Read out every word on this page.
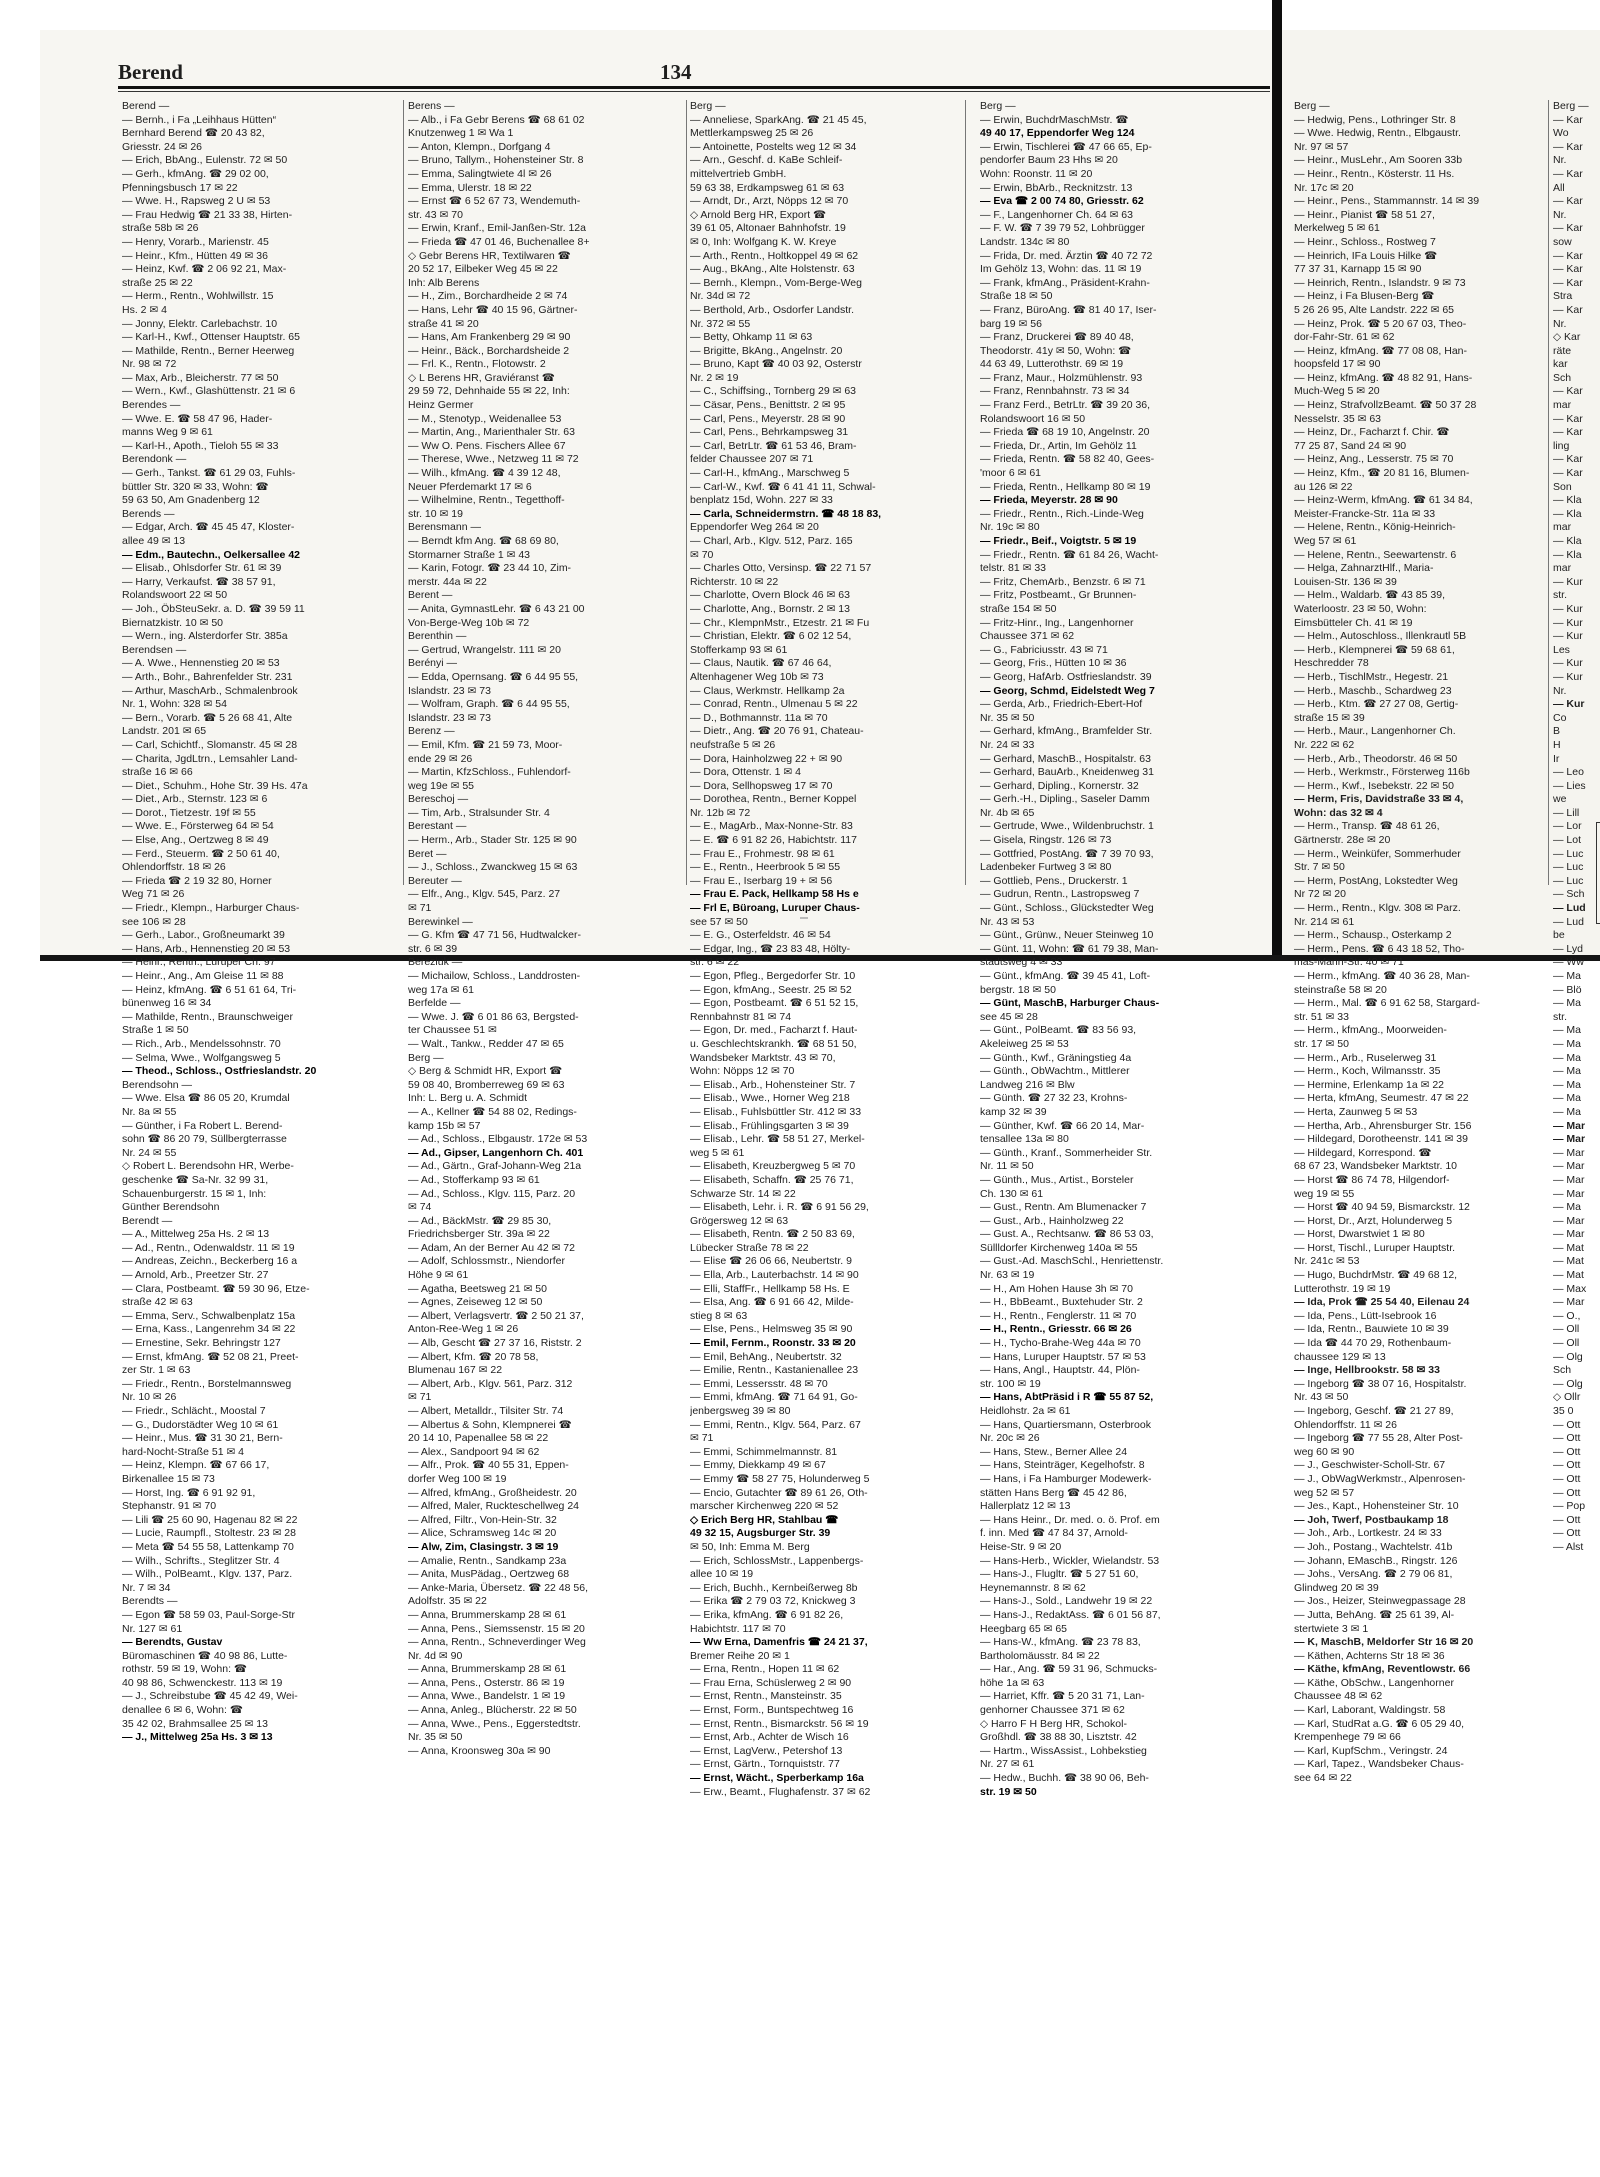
Berend	134
Berend —
— Bernh., i Fa „Leihhaus Hütten“
Bernhard Berend ☎ 20 43 82,
Griesstr. 24 ✉ 26
— Erich, BbAng., Eulenstr. 72 ✉ 50
— Gerh., kfmAng. ☎ 29 02 00,
Pfenningsbusch 17 ✉ 22
— Wwe. H., Rapsweg 2 U ✉ 53
— Frau Hedwig ☎ 21 33 38, Hirten-
straße 58b ✉ 26
— Henry, Vorarb., Marienstr. 45
— Heinr., Kfm., Hütten 49 ✉ 36
— Heinz, Kwf. ☎ 2 06 92 21, Max-
straße 25 ✉ 22
— Herm., Rentn., Wohlwillstr. 15
Hs. 2 ✉ 4
— Jonny, Elektr. Carlebachstr. 10
— Karl-H., Kwf., Ottenser Hauptstr. 65
— Mathilde, Rentn., Berner Heerweg
Nr. 98 ✉ 72
— Max, Arb., Bleicherstr. 77 ✉ 50
— Wern., Kwf., Glashüttenstr. 21 ✉ 6
Berendes —
— Wwe. E. ☎ 58 47 96, Hader-
manns Weg 9 ✉ 61
— Karl-H., Apoth., Tieloh 55 ✉ 33
Berendonk —
— Gerh., Tankst. ☎ 61 29 03, Fuhls-
büttler Str. 320 ✉ 33, Wohn: ☎
59 63 50, Am Gnadenberg 12
Berends —
— Edgar, Arch. ☎ 45 45 47, Kloster-
allee 49 ✉ 13
— Edm., Bautechn., Oelkersallee 42
— Elisab., Ohlsdorfer Str. 61 ✉ 39
— Harry, Verkaufst. ☎ 38 57 91,
Rolandswoort 22 ✉ 50
— Joh., ÖbSteuSekr. a. D. ☎ 39 59 11
Biernatzkistr. 10 ✉ 50
— Wern., ing. Alsterdorfer Str. 385a
Berendsen —
— A. Wwe., Hennenstieg 20 ✉ 53
— Arth., Bohr., Bahrenfelder Str. 231
— Arthur, MaschArb., Schmalenbrook
Nr. 1, Wohn: 328 ✉ 54
— Bern., Vorarb. ☎ 5 26 68 41, Alte
Landstr. 201 ✉ 65
— Carl, Schichtf., Slomanstr. 45 ✉ 28
— Charita, JgdLtrn., Lemsahler Land-
straße 16 ✉ 66
— Diet., Schuhm., Hohe Str. 39 Hs. 47a
— Diet., Arb., Sternstr. 123 ✉ 6
— Dorot., Tietzestr. 19f ✉ 55
— Wwe. E., Försterweg 64 ✉ 54
— Else, Ang., Oertzweg 8 ✉ 49
— Ferd., Steuerm. ☎ 2 50 61 40,
Ohlendorffstr. 18 ✉ 26
— Frieda ☎ 2 19 32 80, Horner
Weg 71 ✉ 26
— Friedr., Klempn., Harburger Chaus-
see 106 ✉ 28
— Gerh., Labor., Großneumarkt 39
— Hans, Arb., Hennenstieg 20 ✉ 53
— Heinr., Rentn., Luruper Ch. 97
— Heinr., Ang., Am Gleise 11 ✉ 88
— Heinz, kfmAng. ☎ 6 51 61 64, Tri-
bünenweg 16 ✉ 34
— Mathilde, Rentn., Braunschweiger
Straße 1 ✉ 50
— Rich., Arb., Mendelssohnstr. 70
— Selma, Wwe., Wolfgangsweg 5
— Theod., Schloss., Ostfrieslandstr. 20
Berendsohn —
— Wwe. Elsa ☎ 86 05 20, Krumdal
Nr. 8a ✉ 55
— Günther, i Fa Robert L. Berend-
sohn ☎ 86 20 79, Süllbergterrasse
Nr. 24 ✉ 55
◇ Robert L. Berendsohn HR, Werbe-
geschenke ☎ Sa-Nr. 32 99 31,
Schauenburgerstr. 15 ✉ 1, Inh:
Günther Berendsohn
Berendt —
— A., Mittelweg 25a Hs. 2 ✉ 13
— Ad., Rentn., Odenwaldstr. 11 ✉ 19
— Andreas, Zeichn., Beckerberg 16 a
— Arnold, Arb., Preetzer Str. 27
— Clara, Postbeamt. ☎ 59 30 96, Etze-
straße 42 ✉ 63
— Emma, Serv., Schwalbenplatz 15a
— Erna, Kass., Langenrehm 34 ✉ 22
— Ernestine, Sekr. Behringstr 127
— Ernst, kfmAng. ☎ 52 08 21, Preet-
zer Str. 1 ✉ 63
— Friedr., Rentn., Borstelmannsweg
Nr. 10 ✉ 26
— Friedr., Schlächt., Moostal 7
— G., Dudorstädter Weg 10 ✉ 61
— Heinr., Mus. ☎ 31 30 21, Bern-
hard-Nocht-Straße 51 ✉ 4
— Heinz, Klempn. ☎ 67 66 17,
Birkenallee 15 ✉ 73
— Horst, Ing. ☎ 6 91 92 91,
Stephanstr. 91 ✉ 70
— Lili ☎ 25 60 90, Hagenau 82 ✉ 22
— Lucie, Raumpfl., Stoltestr. 23 ✉ 28
— Meta ☎ 54 55 58, Lattenkamp 70
— Wilh., Schrifts., Steglitzer Str. 4
— Wilh., PolBeamt., Klgv. 137, Parz.
Nr. 7 ✉ 34
Berendts —
— Egon ☎ 58 59 03, Paul-Sorge-Str
Nr. 127 ✉ 61
— Berendts, Gustav
Büromaschinen ☎ 40 98 86, Lutte-
rothstr. 59 ✉ 19, Wohn: ☎
40 98 86, Schwenckestr. 113 ✉ 19
— J., Schreibstube ☎ 45 42 49, Wei-
denallee 6 ✉ 6, Wohn: ☎
35 42 02, Brahmsallee 25 ✉ 13
— J., Mittelweg 25a Hs. 3 ✉ 13
Berens —
— Alb., i Fa Gebr Berens ☎ 68 61 02
Knutzenweg 1 ✉ Wa 1
— Anton, Klempn., Dorfgang 4
— Bruno, Tallym., Hohensteiner Str. 8
— Emma, Salingtwiete 4l ✉ 26
— Emma, Ulerstr. 18 ✉ 22
— Ernst ☎ 6 52 67 73, Wendemuth-
str. 43 ✉ 70
— Erwin, Kranf., Emil-Janßen-Str. 12a
— Frieda ☎ 47 01 46, Buchenallee 8+
◇ Gebr Berens HR, Textilwaren ☎
20 52 17, Eilbeker Weg 45 ✉ 22
Inh: Alb Berens
— H., Zim., Borchardheide 2 ✉ 74
— Hans, Lehr ☎ 40 15 96, Gärtner-
straße 41 ✉ 20
— Hans, Am Frankenberg 29 ✉ 90
— Heinr., Bäck., Borchardsheide 2
— Frl. K., Rentn., Flotowstr. 2
◇ L Berens HR, Graviéranst ☎
29 59 72, Dehnhaide 55 ✉ 22, Inh:
Heinz Germer
— M., Stenotyp., Weidenallee 53
— Martin, Ang., Marienthaler Str. 63
— Ww O. Pens. Fischers Allee 67
— Therese, Wwe., Netzweg 11 ✉ 72
— Wilh., kfmAng. ☎ 4 39 12 48,
Neuer Pferdemarkt 17 ✉ 6
— Wilhelmine, Rentn., Tegetthoff-
str. 10 ✉ 19
Berensmann —
— Berndt kfm Ang. ☎ 68 69 80,
Stormarner Straße 1 ✉ 43
— Karin, Fotogr. ☎ 23 44 10, Zim-
merstr. 44a ✉ 22
Berent —
— Anita, GymnastLehr. ☎ 6 43 21 00
Von-Berge-Weg 10b ✉ 72
Berenthin —
— Gertrud, Wrangelstr. 111 ✉ 20
Berényi —
— Edda, Opernsang. ☎ 6 44 95 55,
Islandstr. 23 ✉ 73
— Wolfram, Graph. ☎ 6 44 95 55,
Islandstr. 23 ✉ 73
Berenz —
— Emil, Kfm. ☎ 21 59 73, Moor-
ende 29 ✉ 26
— Martin, KfzSchloss., Fuhlendorf-
weg 19e ✉ 55
Bereschoj —
— Tim, Arb., Stralsunder Str. 4
Berestant —
— Herm., Arb., Stader Str. 125 ✉ 90
Beret —
— J., Schloss., Zwanckweg 15 ✉ 63
Bereuter —
— Elfr., Ang., Klgv. 545, Parz. 27
✉ 71
Berewinkel —
— G. Kfm ☎ 47 71 56, Hudtwalcker-
str. 6 ✉ 39
Bereziuk —
— Michailow, Schloss., Landdrosten-
weg 17a ✉ 61
Berfelde —
— Wwe. J. ☎ 6 01 86 63, Bergsted-
ter Chaussee 51 ✉
— Walt., Tankw., Redder 47 ✉ 65
Berg —
◇ Berg & Schmidt HR, Export ☎
59 08 40, Bromberreweg 69 ✉ 63
Inh: L. Berg u. A. Schmidt
— A., Kellner ☎ 54 88 02, Redings-
kamp 15b ✉ 57
— Ad., Schloss., Elbgaustr. 172e ✉ 53
— Ad., Gipser, Langenhorn Ch. 401
— Ad., Gärtn., Graf-Johann-Weg 21a
— Ad., Stofferkamp 93 ✉ 61
— Ad., Schloss., Klgv. 115, Parz. 20
✉ 74
— Ad., BäckMstr. ☎ 29 85 30,
Friedrichsberger Str. 39a ✉ 22
— Adam, An der Berner Au 42 ✉ 72
— Adolf, Schlossmstr., Niendorfer
Höhe 9 ✉ 61
— Agatha, Beetsweg 21 ✉ 50
— Agnes, Zeiseweg 12 ✉ 50
— Albert, Verlagsvertr. ☎ 2 50 21 37,
Anton-Ree-Weg 1 ✉ 26
— Alb, Gescht ☎ 27 37 16, Riststr. 2
— Albert, Kfm. ☎ 20 78 58,
Blumenau 167 ✉ 22
— Albert, Arb., Klgv. 561, Parz. 312
✉ 71
— Albert, Metalldr., Tilsiter Str. 74
— Albertus & Sohn, Klempnerei ☎
20 14 10, Papenallee 58 ✉ 22
— Alex., Sandpoort 94 ✉ 62
— Alfr., Prok. ☎ 40 55 31, Eppen-
dorfer Weg 100 ✉ 19
— Alfred, kfmAng., Großheidestr. 20
— Alfred, Maler, Ruckteschellweg 24
— Alfred, Filtr., Von-Hein-Str. 32
— Alice, Schramsweg 14c ✉ 20
— Alw, Zim, Clasingstr. 3 ✉ 19
— Amalie, Rentn., Sandkamp 23a
— Anita, MusPädag., Oertzweg 68
— Anke-Maria, Übersetz. ☎ 22 48 56,
Adolfstr. 35 ✉ 22
— Anna, Brummerskamp 28 ✉ 61
— Anna, Pens., Siemssenstr. 15 ✉ 20
— Anna, Rentn., Schneverdinger Weg
Nr. 4d ✉ 90
— Anna, Brummerskamp 28 ✉ 61
— Anna, Pens., Osterstr. 86 ✉ 19
— Anna, Wwe., Bandelstr. 1 ✉ 19
— Anna, Anleg., Blücherstr. 22 ✉ 50
— Anna, Wwe., Pens., Eggerstedtstr.
Nr. 35 ✉ 50
— Anna, Kroonsweg 30a ✉ 90
Berg —
— Anneliese, SparkAng. ☎ 21 45 45,
Mettlerkampsweg 25 ✉ 26
— Antoinette, Postelts weg 12 ✉ 34
— Arn., Geschf. d. KaBe Schleif-
mittelvertrieb GmbH.
59 63 38, Erdkampsweg 61 ✉ 63
— Arndt, Dr., Arzt, Nöpps 12 ✉ 70
◇ Arnold Berg HR, Export ☎
39 61 05, Altonaer Bahnhofstr. 19
✉ 0, Inh: Wolfgang K. W. Kreye
— Arth., Rentn., Holtkoppel 49 ✉ 62
— Aug., BkAng., Alte Holstenstr. 63
— Bernh., Klempn., Vom-Berge-Weg
Nr. 34d ✉ 72
— Berthold, Arb., Osdorfer Landstr.
Nr. 372 ✉ 55
— Betty, Ohkamp 11 ✉ 63
— Brigitte, BkAng., Angelnstr. 20
— Bruno, Kapt ☎ 40 03 92, Osterstr
Nr. 2 ✉ 19
— C., Schiffsing., Tornberg 29 ✉ 63
— Cäsar, Pens., Benittstr. 2 ✉ 95
— Carl, Pens., Meyerstr. 28 ✉ 90
— Carl, Pens., Behrkampsweg 31
— Carl, BetrLtr. ☎ 61 53 46, Bram-
felder Chaussee 207 ✉ 71
— Carl-H., kfmAng., Marschweg 5
— Carl-W., Kwf. ☎ 6 41 41 11, Schwal-
benplatz 15d, Wohn. 227 ✉ 33
— Carla, Schneidermstrn. ☎ 48 18 83,
Eppendorfer Weg 264 ✉ 20
— Charl, Arb., Klgv. 512, Parz. 165
✉ 70
— Charles Otto, Versinsp. ☎ 22 71 57
Richterstr. 10 ✉ 22
— Charlotte, Overn Block 46 ✉ 63
— Charlotte, Ang., Bornstr. 2 ✉ 13
— Chr., KlempnMstr., Etzestr. 21 ✉ Fu
— Christian, Elektr. ☎ 6 02 12 54,
Stofferkamp 93 ✉ 61
— Claus, Nautik. ☎ 67 46 64,
Altenhagener Weg 10b ✉ 73
— Claus, Werkmstr. Hellkamp 2a
— Conrad, Rentn., Ulmenau 5 ✉ 22
— D., Bothmannstr. 11a ✉ 70
— Dietr., Ang. ☎ 20 76 91, Chateau-
neufstraße 5 ✉ 26
— Dora, Hainholzweg 22 + ✉ 90
— Dora, Ottenstr. 1 ✉ 4
— Dora, Sellhopsweg 17 ✉ 70
— Dorothea, Rentn., Berner Koppel
Nr. 12b ✉ 72
— E., MagArb., Max-Nonne-Str. 83
— E. ☎ 6 91 82 26, Habichtstr. 117
— Frau E., Frohmestr. 98 ✉ 61
— E., Rentn., Heerbrook 5 ✉ 55
— Frau E., Iserbarg 19 + ✉ 56
— Frau E. Pack, Hellkamp 58 Hs e
— Frl E, Büroang, Luruper Chaus-
see 57 ✉ 50
— E. G., Osterfeldstr. 46 ✉ 54
— Edgar, Ing., ☎ 23 83 48, Hölty-
str. 6 ✉ 22
— Egon, Pfleg., Bergedorfer Str. 10
— Egon, kfmAng., Seestr. 25 ✉ 52
— Egon, Postbeamt. ☎ 6 51 52 15,
Rennbahnstr 81 ✉ 74
— Egon, Dr. med., Facharzt f. Haut-
u. Geschlechtskrankh. ☎ 68 51 50,
Wandsbeker Marktstr. 43 ✉ 70,
Wohn: Nöpps 12 ✉ 70
— Elisab., Arb., Hohensteiner Str. 7
— Elisab., Wwe., Horner Weg 218
— Elisab., Fuhlsbüttler Str. 412 ✉ 33
— Elisab., Frühlingsgarten 3 ✉ 39
— Elisab., Lehr. ☎ 58 51 27, Merkel-
weg 5 ✉ 61
— Elisabeth, Kreuzbergweg 5 ✉ 70
— Elisabeth, Schaffn. ☎ 25 76 71,
Schwarze Str. 14 ✉ 22
— Elisabeth, Lehr. i. R. ☎ 6 91 56 29,
Grögersweg 12 ✉ 63
— Elisabeth, Rentn. ☎ 2 50 83 69,
Lübecker Straße 78 ✉ 22
— Elise ☎ 26 06 66, Neubertstr. 9
— Ella, Arb., Lauterbachstr. 14 ✉ 90
— Elli, StaffFr., Hellkamp 58 Hs. E
— Elsa, Ang. ☎ 6 91 66 42, Milde-
stieg 8 ✉ 63
— Else, Pens., Helmsweg 35 ✉ 90
— Emil, Fernm., Roonstr. 33 ✉ 20
— Emil, BehAng., Neubertstr. 32
— Emilie, Rentn., Kastanienallee 23
— Emmi, Lessersstr. 48 ✉ 70
— Emmi, kfmAng. ☎ 71 64 91, Go-
jenbergsweg 39 ✉ 80
— Emmi, Rentn., Klgv. 564, Parz. 67
✉ 71
— Emmi, Schimmelmannstr. 81
— Emmy, Diekkamp 49 ✉ 67
— Emmy ☎ 58 27 75, Holunderweg 5
— Encio, Gutachter ☎ 89 61 26, Oth-
marscher Kirchenweg 220 ✉ 52
◇ Erich Berg HR, Stahlbau ☎
49 32 15, Augsburger Str. 39
✉ 50, Inh: Emma M. Berg
— Erich, SchlossMstr., Lappenbergs-
allee 10 ✉ 19
— Erich, Buchh., Kernbeißerweg 8b
— Erika ☎ 2 79 03 72, Knickweg 3
— Erika, kfmAng. ☎ 6 91 82 26,
Habichtstr. 117 ✉ 70
— Ww Erna, Damenfris ☎ 24 21 37,
Bremer Reihe 20 ✉ 1
— Erna, Rentn., Hopen 11 ✉ 62
— Frau Erna, Schüslerweg 2 ✉ 90
— Ernst, Rentn., Mansteinstr. 35
— Ernst, Form., Buntspechtweg 16
— Ernst, Rentn., Bismarckstr. 56 ✉ 19
— Ernst, Arb., Achter de Wisch 16
— Ernst, LagVerw., Petershof 13
— Ernst, Gärtn., Tornquiststr. 77
— Ernst, Wächt., Sperberkamp 16a
— Erw., Beamt., Flughafenstr. 37 ✉ 62
Berg —
— Erwin, BuchdrMaschMstr. ☎
49 40 17, Eppendorfer Weg 124
— Erwin, Tischlerei ☎ 47 66 65, Ep-
pendorfer Baum 23 Hhs ✉ 20
Wohn: Roonstr. 11 ✉ 20
— Erwin, BbArb., Recknitzstr. 13
— Eva ☎ 2 00 74 80, Griesstr. 62
— F., Langenhorner Ch. 64 ✉ 63
— F. W. ☎ 7 39 79 52, Lohbrügger
Landstr. 134c ✉ 80
— Frida, Dr. med. Ärztin ☎ 40 72 72
Im Gehölz 13, Wohn: das. 11 ✉ 19
— Frank, kfmAng., Präsident-Krahn-
Straße 18 ✉ 50
— Franz, BüroAng. ☎ 81 40 17, Iser-
barg 19 ✉ 56
— Franz, Druckerei ☎ 89 40 48,
Theodorstr. 41y ✉ 50, Wohn: ☎
44 63 49, Lutterothstr. 69 ✉ 19
— Franz, Maur., Holzmühlenstr. 93
— Franz, Rennbahnstr. 73 ✉ 34
— Franz Ferd., BetrLtr. ☎ 39 20 36,
Rolandswoort 16 ✉ 50
— Frieda ☎ 68 19 10, Angelnstr. 20
— Frieda, Dr., Artin, Im Gehölz 11
— Frieda, Rentn. ☎ 58 82 40, Gees-
'moor 6 ✉ 61
— Frieda, Rentn., Hellkamp 80 ✉ 19
— Frieda, Meyerstr. 28 ✉ 90
— Friedr., Rentn., Rich.-Linde-Weg
Nr. 19c ✉ 80
— Friedr., Beif., Voigtstr. 5 ✉ 19
— Friedr., Rentn. ☎ 61 84 26, Wacht-
telstr. 81 ✉ 33
— Fritz, ChemArb., Benzstr. 6 ✉ 71
— Fritz, Postbeamt., Gr Brunnen-
straße 154 ✉ 50
— Fritz-Hinr., Ing., Langenhorner
Chaussee 371 ✉ 62
— G., Fabriciusstr. 43 ✉ 71
— Georg, Fris., Hütten 10 ✉ 36
— Georg, HafArb. Ostfrieslandstr. 39
— Georg, Schmd, Eidelstedt Weg 7
— Gerda, Arb., Friedrich-Ebert-Hof
Nr. 35 ✉ 50
— Gerhard, kfmAng., Bramfelder Str.
Nr. 24 ✉ 33
— Gerhard, MaschB., Hospitalstr. 63
— Gerhard, BauArb., Kneidenweg 31
— Gerhard, Dipling., Kornerstr. 32
— Gerh.-H., Dipling., Saseler Damm
Nr. 4b ✉ 65
— Gertrude, Wwe., Wildenbruchstr. 1
— Gisela, Ringstr. 126 ✉ 73
— Gottfried, PostAng. ☎ 7 39 70 93,
Ladenbeker Furtweg 3 ✉ 80
— Gottlieb, Pens., Druckerstr. 1
— Gudrun, Rentn., Lastropsweg 7
— Günt., Schloss., Glückstedter Weg
Nr. 43 ✉ 53
— Günt., Grünw., Neuer Steinweg 10
— Günt. 11, Wohn: ☎ 61 79 38, Man-
stadtsweg 4 ✉ 33
— Günt., kfmAng. ☎ 39 45 41, Loft-
bergstr. 18 ✉ 50
— Günt, MaschB, Harburger Chaus-
see 45 ✉ 28
— Günt., PolBeamt. ☎ 83 56 93,
Akeleiweg 25 ✉ 53
— Günth., Kwf., Gräningstieg 4a
— Günth., ObWachtm., Mittlerer
Landweg 216 ✉ Blw
— Günth. ☎ 27 32 23, Krohns-
kamp 32 ✉ 39
— Günther, Kwf. ☎ 66 20 14, Mar-
tensallee 13a ✉ 80
— Günth., Kranf., Sommerheider Str.
Nr. 11 ✉ 50
— Günth., Mus., Artist., Borsteler
Ch. 130 ✉ 61
— Gust., Rentn. Am Blumenacker 7
— Gust., Arb., Hainholzweg 22
— Gust. A., Rechtsanw. ☎ 86 53 03,
Süllldorfer Kirchenweg 140a ✉ 55
— Gust.-Ad. MaschSchl., Henriettenstr.
Nr. 63 ✉ 19
— H., Am Hohen Hause 3h ✉ 70
— H., BbBeamt., Buxtehuder Str. 2
— H., Rentn., Fenglerstr. 11 ✉ 70
— H., Rentn., Griesstr. 66 ✉ 26
— H., Tycho-Brahe-Weg 44a ✉ 70
— Hans, Luruper Hauptstr. 57 ✉ 53
— Hans, Angl., Hauptstr. 44, Plön-
str. 100 ✉ 19
— Hans, AbtPräsid i R ☎ 55 87 52,
Heidlohstr. 2a ✉ 61
— Hans, Quartiersmann, Osterbrook
Nr. 20c ✉ 26
— Hans, Stew., Berner Allee 24
— Hans, Steinträger, Kegelhofstr. 8
— Hans, i Fa Hamburger Modewerk-
stätten Hans Berg ☎ 45 42 86,
Hallerplatz 12 ✉ 13
— Hans Heinr., Dr. med. o. ö. Prof. em
f. inn. Med ☎ 47 84 37, Arnold-
Heise-Str. 9 ✉ 20
— Hans-Herb., Wickler, Wielandstr. 53
— Hans-J., Flugltr. ☎ 5 27 51 60,
Heynemannstr. 8 ✉ 62
— Hans-J., Sold., Landwehr 19 ✉ 22
— Hans-J., RedaktAss. ☎ 6 01 56 87,
Heegbarg 65 ✉ 65
— Hans-W., kfmAng. ☎ 23 78 83,
Bartholomäusstr. 84 ✉ 22
— Har., Ang. ☎ 59 31 96, Schmucks-
höhe 1a ✉ 63
— Harriet, Kffr. ☎ 5 20 31 71, Lan-
genhorner Chaussee 371 ✉ 62
◇ Harro F H Berg HR, Schokol-
Großhdl. ☎ 38 88 30, Lisztstr. 42
— Hartm., WissAssist., Lohbekstieg
Nr. 27 ✉ 61
— Hedw., Buchh. ☎ 38 90 06, Beh-
str. 19 ✉ 50
Berg —
— Hedwig, Pens., Lothringer Str. 8
— Wwe. Hedwig, Rentn., Elbgaustr.
Nr. 97 ✉ 57
— Heinr., MusLehr., Am Sooren 33b
— Heinr., Rentn., Kösterstr. 11 Hs.
Nr. 17c ✉ 20
— Heinr., Pens., Stammannstr. 14 ✉ 39
— Heinr., Pianist ☎ 58 51 27,
Merkelweg 5 ✉ 61
— Heinr., Schloss., Rostweg 7
— Heinrich, IFa Louis Hilke ☎
77 37 31, Karnapp 15 ✉ 90
— Heinrich, Rentn., Islandstr. 9 ✉ 73
— Heinz, i Fa Blusen-Berg ☎
5 26 26 95, Alte Landstr. 222 ✉ 65
— Heinz, Prok. ☎ 5 20 67 03, Theo-
dor-Fahr-Str. 61 ✉ 62
— Heinz, kfmAng. ☎ 77 08 08, Han-
hoopsfeld 17 ✉ 90
— Heinz, kfmAng. ☎ 48 82 91, Hans-
Much-Weg 5 ✉ 20
— Heinz, StrafvollzBeamt. ☎ 50 37 28
Nesselstr. 35 ✉ 63
— Heinz, Dr., Facharzt f. Chir. ☎
77 25 87, Sand 24 ✉ 90
— Heinz, Ang., Lesserstr. 75 ✉ 70
— Heinz, Kfm., ☎ 20 81 16, Blumen-
au 126 ✉ 22
— Heinz-Werm, kfmAng. ☎ 61 34 84,
Meister-Francke-Str. 11a ✉ 33
— Helene, Rentn., König-Heinrich-
Weg 57 ✉ 61
— Helene, Rentn., Seewartenstr. 6
— Helga, ZahnarztHlf., Maria-
Louisen-Str. 136 ✉ 39
— Helm., Waldarb. ☎ 43 85 39,
Waterloostr. 23 ✉ 50, Wohn:
Eimsbütteler Ch. 41 ✉ 19
— Helm., Autoschloss., Illenkrautl 5B
— Herb., Klempnerei ☎ 59 68 61,
Heschredder 78
— Herb., TischlMstr., Hegestr. 21
— Herb., Maschb., Schardweg 23
— Herb., Ktm. ☎ 27 27 08, Gertig-
straße 15 ✉ 39
— Herb., Maur., Langenhorner Ch.
Nr. 222 ✉ 62
— Herb., Arb., Theodorstr. 46 ✉ 50
— Herb., Werkmstr., Försterweg 116b
— Herm., Kwf., Isebekstr. 22 ✉ 50
— Herm, Fris, Davidstraße 33 ✉ 4,
Wohn: das 32 ✉ 4
— Herm., Transp. ☎ 48 61 26,
Gärtnerstr. 28e ✉ 20
— Herm., Weinküfer, Sommerhuder
Str. 7 ✉ 50
— Herm, PostAng, Lokstedter Weg
Nr 72 ✉ 20
— Herm., Rentn., Klgv. 308 ✉ Parz.
Nr. 214 ✉ 61
— Herm., Schausp., Osterkamp 2
— Herm., Pens. ☎ 6 43 18 52, Tho-
mas-Mann-Str. 40 ✉ 71
— Herm., kfmAng. ☎ 40 36 28, Man-
steinstraße 58 ✉ 20
— Herm., Mal. ☎ 6 91 62 58, Stargard-
str. 51 ✉ 33
— Herm., kfmAng., Moorweiden-
str. 17 ✉ 50
— Herm., Arb., Ruselerweg 31
— Herm., Koch, Wilmansstr. 35
— Hermine, Erlenkamp 1a ✉ 22
— Herta, kfmAng, Seumestr. 47 ✉ 22
— Herta, Zaunweg 5 ✉ 53
— Hertha, Arb., Ahrensburger Str. 156
— Hildegard, Dorotheenstr. 141 ✉ 39
— Hildegard, Korrespond. ☎
68 67 23, Wandsbeker Marktstr. 10
— Horst ☎ 86 74 78, Hilgendorf-
weg 19 ✉ 55
— Horst ☎ 40 94 59, Bismarckstr. 12
— Horst, Dr., Arzt, Holunderweg 5
— Horst, Dwarstwiet 1 ✉ 80
— Horst, Tischl., Luruper Hauptstr.
Nr. 241c ✉ 53
— Hugo, BuchdrMstr. ☎ 49 68 12,
Lutterothstr. 19 ✉ 19
— Ida, Prok ☎ 25 54 40, Eilenau 24
— Ida, Pens., Lütt-Isebrook 16
— Ida, Rentn., Bauwiete 10 ✉ 39
— Ida ☎ 44 70 29, Rothenbaum-
chaussee 129 ✉ 13
— Inge, Hellbrookstr. 58 ✉ 33
— Ingeborg ☎ 38 07 16, Hospitalstr.
Nr. 43 ✉ 50
— Ingeborg, Geschf. ☎ 21 27 89,
Ohlendorffstr. 11 ✉ 26
— Ingeborg ☎ 77 55 28, Alter Post-
weg 60 ✉ 90
— J., Geschwister-Scholl-Str. 67
— J., ObWagWerkmstr., Alpenrosen-
weg 52 ✉ 57
— Jes., Kapt., Hohensteiner Str. 10
— Joh, Twerf, Postbaukamp 18
— Joh., Arb., Lortkestr. 24 ✉ 33
— Joh., Postang., Wachtelstr. 41b
— Johann, EMaschB., Ringstr. 126
— Johs., VersAng. ☎ 2 79 06 81,
Glindweg 20 ✉ 39
— Jos., Heizer, Steinwegpassage 28
— Jutta, BehAng. ☎ 25 61 39, Al-
stertwiete 3 ✉ 1
— K, MaschB, Meldorfer Str 16 ✉ 20
— Käthen, Achterns Str 18 ✉ 36
— Käthe, kfmAng, Reventlowstr. 66
— Käthe, ObSchw., Langenhorner
Chaussee 48 ✉ 62
— Karl, Laborant, Waldingstr. 58
— Karl, StudRat a.G. ☎ 6 05 29 40,
Krempenhege 79 ✉ 66
— Karl, KupfSchm., Veringstr. 24
— Karl, Tapez., Wandsbeker Chaus-
see 64 ✉ 22
Berg —
— Kar
Wo
— Kar
Nr.
— Kar
All
— Kar
Nr.
— Kar
sow
— Kar
— Kar
— Kar
Stra
— Kar
Nr.
◇ Kar
räte
kar
Sch
— Kar
mar
— Kar
— Kar
ling
— Kar
— Kar
Son
— Kla
— Kla
mar
— Kla
— Kla
mar
— Kur
str.
— Kur
— Kur
— Kur
Les
— Kur
— Kur
Nr.
— Kur
Co
B
H
Ir
— Leo
— Lies
we
— Lill
— Lor
— Lot
— Luc
— Luc
— Luc
— Sch
— Lud
— Lud
be
— Lyd
— Ww
— Ma
— Blö
— Ma
str.
— Ma
— Ma
— Ma
— Ma
— Ma
— Ma
— Ma
— Mar
— Mar
— Mar
— Mar
— Mar
— Mar
— Ma
— Mar
— Mar
— Mat
— Mat
— Mat
— Max
— Mar
— O.,
— Oll
— Oll
— Olg
Sch
— Olg
◇ Ollr
35 0
— Ott
— Ott
— Ott
— Ott
— Ott
— Ott
— Pop
— Ott
— Ott
— Alst
